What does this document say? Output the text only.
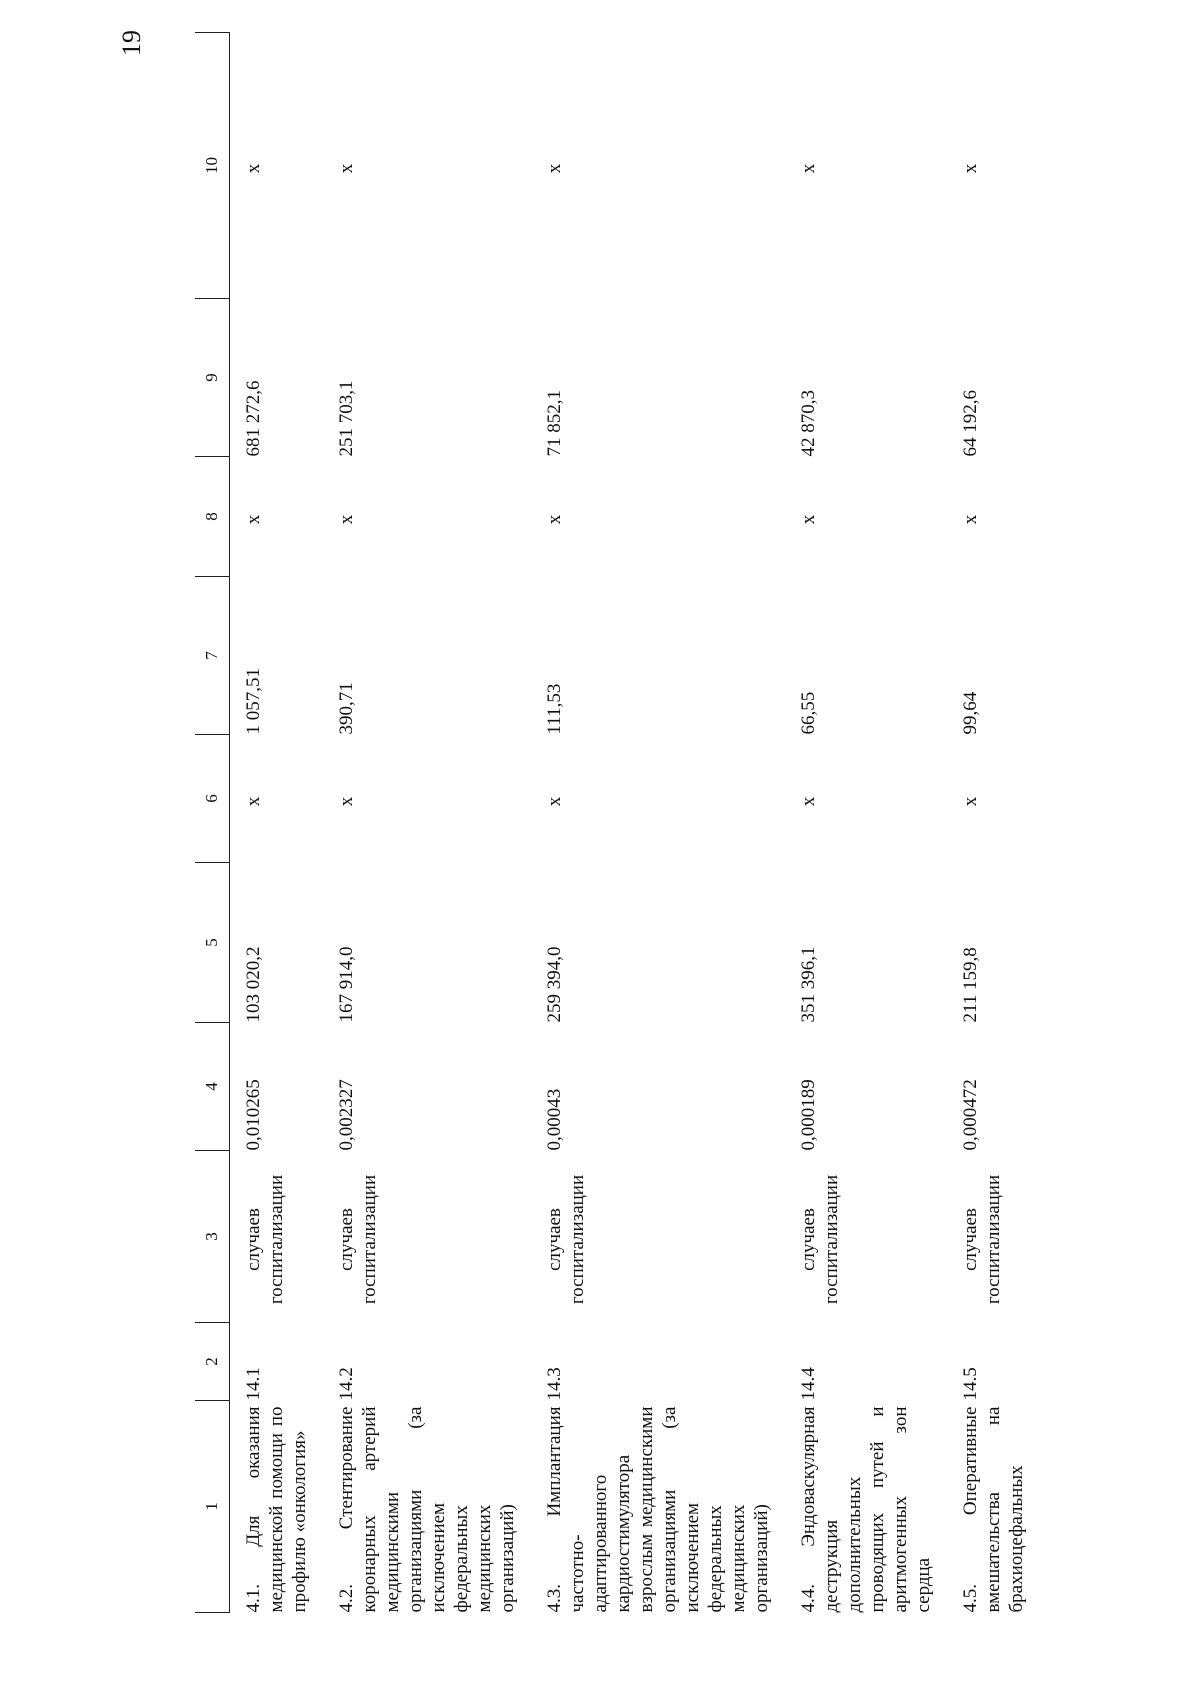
19
1	2	3	4	5	6	7	8	9	10
4.1. Для оказания медицинской помощи по профилю «онкология»	14.1	случаев госпитализации	0,010265	103 020,2	x	1 057,51	x	681 272,6	x
4.2. Стентирование коронарных артерий медицинскими организациями (за исключением федеральных медицинских организаций)	14.2	случаев госпитализации	0,002327	167 914,0	x	390,71	x	251 703,1	x
4.3. Имплантация частотно-адаптированного кардиостимулятора взрослым медицинскими организациями (за исключением федеральных медицинских организаций)	14.3	случаев госпитализации	0,00043	259 394,0	x	111,53	x	71 852,1	x
4.4. Эндоваскулярная деструкция дополнительных проводящих путей и аритмогенных зон сердца	14.4	случаев госпитализации	0,000189	351 396,1	x	66,55	x	42 870,3	x
4.5. Оперативные вмешательства на брахиоцефальных	14.5	случаев госпитализации	0,000472	211 159,8	x	99,64	x	64 192,6	x
